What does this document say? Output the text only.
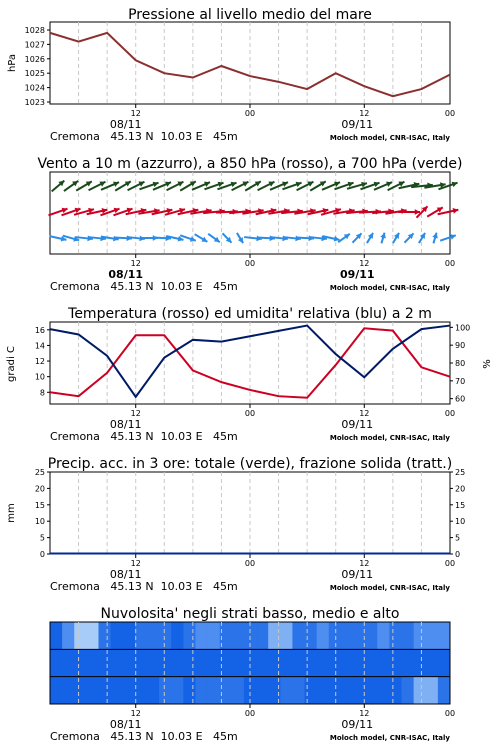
Pressione al livello medio del mare
1023
1024
1025
1026
1027
1028
hPa
12	00	12	00
08/11	09/11
Cremona   45.13 N  10.03 E   45m	Moloch model, CNR-ISAC, Italy
Vento a 10 m (azzurro), a 850 hPa (rosso), a 700 hPa (verde)
12	00	12	00
08/11	09/11
Cremona   45.13 N  10.03 E   45m	Moloch model, CNR-ISAC, Italy
Temperatura (rosso) ed umidita' relativa (blu) a 2 m
8
10
12
14
16
60
70
80
90
100
gradi C	%
12	00	12	00
08/11	09/11
Cremona   45.13 N  10.03 E   45m	Moloch model, CNR-ISAC, Italy
Precip. acc. in 3 ore: totale (verde), frazione solida (tratt.)
0	0
5	5
10	10
15	15
20	20
25	25
mm
12	00	12	00
08/11	09/11
Cremona   45.13 N  10.03 E   45m	Moloch model, CNR-ISAC, Italy
Nuvolosita' negli strati basso, medio e alto
12	00	12	00
08/11	09/11
Cremona   45.13 N  10.03 E   45m	Moloch model, CNR-ISAC, Italy
